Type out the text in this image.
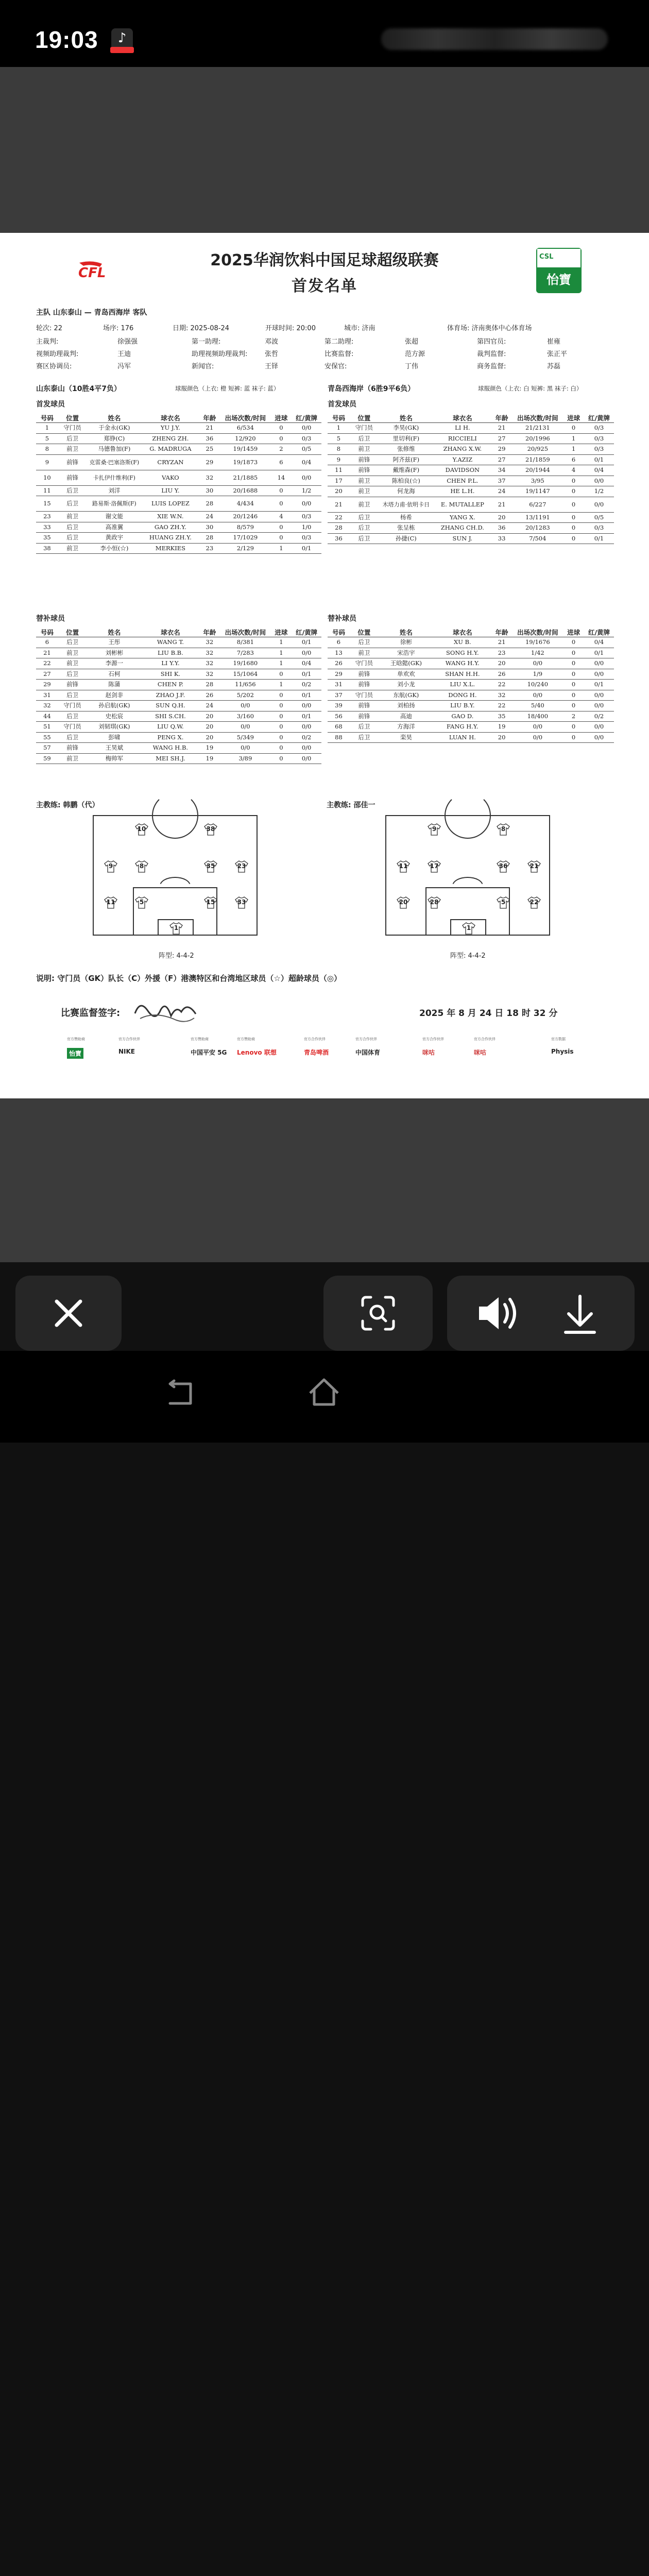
19:03	♪
CFL
CSL
怡寶
2025华润饮料中国足球超级联赛
首发名单
主队 山东泰山 — 青岛西海岸 客队
轮次: 22	场序: 176	日期: 2025-08-24	开球时间: 20:00	城市: 济南	体育场: 济南奥体中心体育场
主裁判:	徐强强	第一助理:	邓波	第二助理:	张超	第四官员:	崔雍
视频助理裁判:	王迪	助理视频助理裁判:	张哲	比赛监督:	范方源	裁判监督:	张正平
赛区协调员:	冯军	新闻官:	王铎	安保官:	丁伟	商务监督:	苏磊
山东泰山（10胜4平7负）	球服颜色（上衣: 橙 短裤: 蓝 袜子: 蓝）	青岛西海岸（6胜9平6负）	球服颜色（上衣: 白 短裤: 黑 袜子: 白）
首发球员	首发球员
号码	位置	姓名	球衣名	年龄	出场次数/时间	进球	红/黄牌
1	守门员	于金永(GK)	YU J.Y.	21	6/534	0	0/0
5	后卫	郑铮(C)	ZHENG ZH.	36	12/920	0	0/3
8	前卫	马德鲁加(F)	G. MADRUGA	25	19/1459	2	0/5
9	前锋	克雷桑·巴塞洛斯(F)	CRYZAN	29	19/1873	6	0/4
10	前锋	卡扎伊什维利(F)	VAKO	32	21/1885	14	0/0
11	后卫	刘洋	LIU Y.	30	20/1688	0	1/2
15	后卫	路易斯·洛佩斯(F)	LUIS LOPEZ	28	4/434	0	0/0
23	前卫	谢文能	XIE W.N.	24	20/1246	4	0/3
33	后卫	高准翼	GAO ZH.Y.	30	8/579	0	1/0
35	后卫	黄政宇	HUANG ZH.Y.	28	17/1029	0	0/3
38	前卫	李小恒(☆)	MERKIES	23	2/129	1	0/1
号码	位置	姓名	球衣名	年龄	出场次数/时间	进球	红/黄牌
1	守门员	李昊(GK)	LI H.	21	21/2131	0	0/3
5	后卫	里切利(F)	RICCIELI	27	20/1996	1	0/3
8	前卫	张修维	ZHANG X.W.	29	20/925	1	0/3
9	前锋	阿齐兹(F)	Y.AZIZ	27	21/1859	6	0/1
11	前锋	戴维森(F)	DAVIDSON	34	20/1944	4	0/4
17	前卫	陈柏良(☆)	CHEN P.L.	37	3/95	0	0/0
20	前卫	何龙海	HE L.H.	24	19/1147	0	1/2
21	前卫	木塔力甫·依明卡日	E. MUTALLEP	21	6/227	0	0/0
22	后卫	杨希	YANG X.	20	13/1191	0	0/5
28	后卫	张呈栋	ZHANG CH.D.	36	20/1283	0	0/3
36	后卫	孙捷(C)	SUN J.	33	7/504	0	0/1
替补球员	替补球员
号码	位置	姓名	球衣名	年龄	出场次数/时间	进球	红/黄牌
6	后卫	王彤	WANG T.	32	8/381	1	0/1
21	前卫	刘彬彬	LIU B.B.	32	7/283	1	0/0
22	前卫	李源一	LI Y.Y.	32	19/1680	1	0/4
27	后卫	石柯	SHI K.	32	15/1064	0	0/1
29	前锋	陈蒲	CHEN P.	28	11/656	1	0/2
31	后卫	赵剑非	ZHAO J.F.	26	5/202	0	0/1
32	守门员	孙启航(GK)	SUN Q.H.	24	0/0	0	0/0
44	后卫	史松宸	SHI S.CH.	20	3/160	0	0/1
51	守门员	刘韧琪(GK)	LIU Q.W.	20	0/0	0	0/0
55	后卫	彭啸	PENG X.	20	5/349	0	0/2
57	前锋	王昊斌	WANG H.B.	19	0/0	0	0/0
59	前卫	梅帅军	MEI SH.J.	19	3/89	0	0/0
号码	位置	姓名	球衣名	年龄	出场次数/时间	进球	红/黄牌
6	后卫	徐彬	XU B.	21	19/1676	0	0/4
13	前卫	宋浩宇	SONG H.Y.	23	1/42	0	0/1
26	守门员	王晗懿(GK)	WANG H.Y.	20	0/0	0	0/0
29	前锋	单欢欢	SHAN H.H.	26	1/9	0	0/0
31	前锋	刘小龙	LIU X.L.	22	10/240	0	0/1
37	守门员	东航(GK)	DONG H.	32	0/0	0	0/0
39	前锋	刘柏扬	LIU B.Y.	22	5/40	0	0/0
56	前锋	高迪	GAO D.	35	18/400	2	0/2
68	后卫	方海洋	FANG H.Y.	19	0/0	0	0/0
88	后卫	栾昊	LUAN H.	20	0/0	0	0/0
主教练: 韩鹏（代）	主教练: 邵佳一
10	38
9	8	35	23
11	5	15	33
1
9	8
11	17	36	21
20	28	5	22
1
阵型: 4-4-2	阵型: 4-4-2
说明: 守门员（GK）队长（C）外援（F）港澳特区和台湾地区球员（☆）超龄球员（◎）
比赛监督签字:	2025 年 8 月 24 日 18 时 32 分
官方赞助商
怡寶
官方合作伙伴
NIKE
官方赞助商
中国平安 5G
官方赞助商
Lenovo 联想
官方合作伙伴
青岛啤酒
官方合作伙伴
中国体育
官方合作伙伴
咪咕
官方合作伙伴
咪咕
官方数据
Physis
